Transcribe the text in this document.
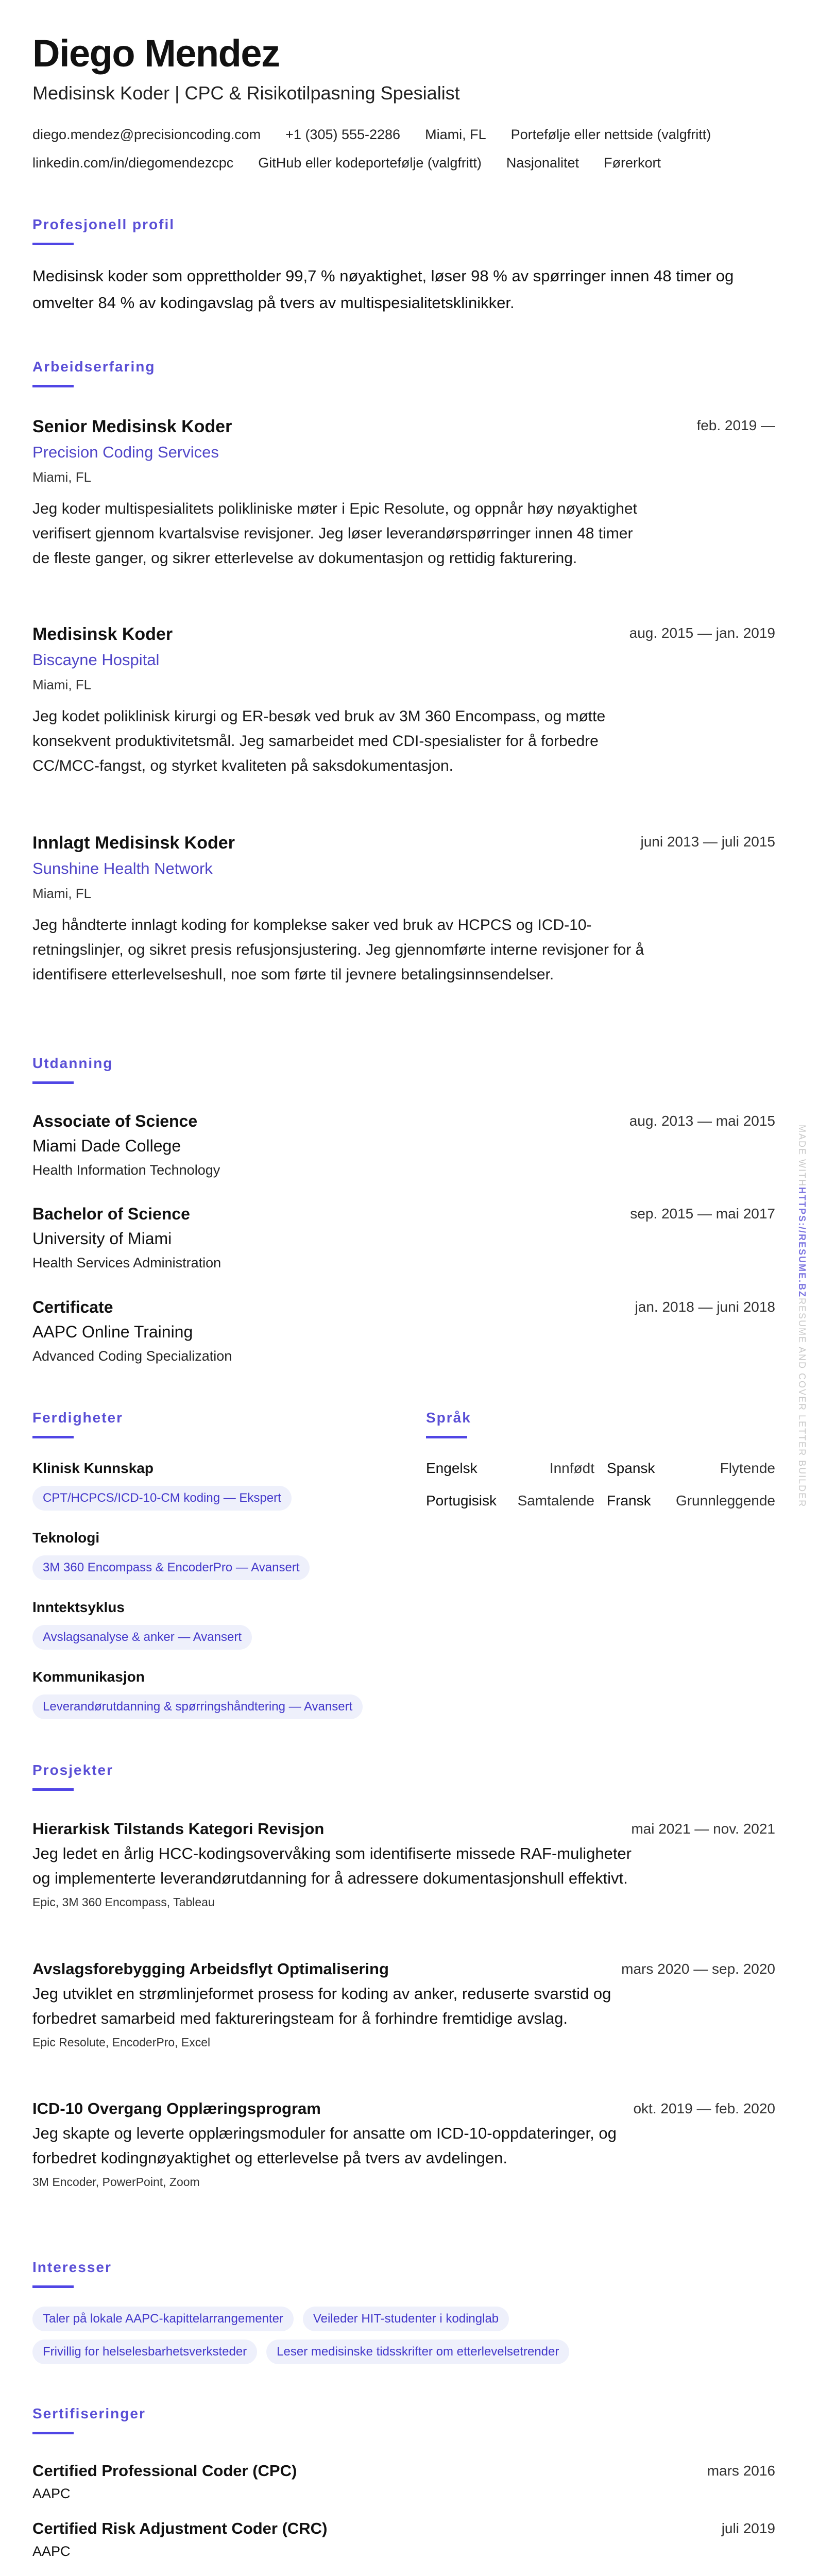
Diego Mendez
Medisinsk Koder | CPC & Risikotilpasning Spesialist
diego.mendez@precisioncoding.com +1 (305) 555-2286 Miami, FL Portefølje eller nettside (valgfritt)
linkedin.com/in/diegomendezcpc GitHub eller kodeportefølje (valgfritt) Nasjonalitet Førerkort
Profesjonell profil
Medisinsk koder som opprettholder 99,7 % nøyaktighet, løser 98 % av spørringer innen 48 timer og omvelter 84 % av kodingavslag på tvers av multispesialitetsklinikker.
Arbeidserfaring
feb. 2019 —
Senior Medisinsk Koder
Precision Coding Services
Miami, FL
Jeg koder multispesialitets polikliniske møter i Epic Resolute, og oppnår høy nøyaktighet verifisert gjennom kvartalsvise revisjoner. Jeg løser leverandørspørringer innen 48 timer de fleste ganger, og sikrer etterlevelse av dokumentasjon og rettidig fakturering.
aug. 2015 — jan. 2019
Medisinsk Koder
Biscayne Hospital
Miami, FL
Jeg kodet poliklinisk kirurgi og ER-besøk ved bruk av 3M 360 Encompass, og møtte konsekvent produktivitetsmål. Jeg samarbeidet med CDI-spesialister for å forbedre CC/MCC-fangst, og styrket kvaliteten på saksdokumentasjon.
juni 2013 — juli 2015
Innlagt Medisinsk Koder
Sunshine Health Network
Miami, FL
Jeg håndterte innlagt koding for komplekse saker ved bruk av HCPCS og ICD-10-retningslinjer, og sikret presis refusjonsjustering. Jeg gjennomførte interne revisjoner for å identifisere etterlevelseshull, noe som førte til jevnere betalingsinnsendelser.
Utdanning
aug. 2013 — mai 2015
Associate of Science
Miami Dade College
Health Information Technology
sep. 2015 — mai 2017
Bachelor of Science
University of Miami
Health Services Administration
jan. 2018 — juni 2018
Certificate
AAPC Online Training
Advanced Coding Specialization
Ferdigheter
Klinisk Kunnskap
CPT/HCPCS/ICD-10-CM koding — Ekspert
Teknologi
3M 360 Encompass & EncoderPro — Avansert
Inntektsyklus
Avslagsanalyse & anker — Avansert
Kommunikasjon
Leverandørutdanning & spørringshåndtering — Avansert
Språk
Engelsk	Innfødt Spansk	Flytende
Portugisisk Samtalende Fransk Grunnleggende
Prosjekter
mai 2021 — nov. 2021
Hierarkisk Tilstands Kategori Revisjon
Jeg ledet en årlig HCC-kodingsovervåking som identifiserte missede RAF-muligheter og implementerte leverandørutdanning for å adressere dokumentasjonshull effektivt.
Epic, 3M 360 Encompass, Tableau
mars 2020 — sep. 2020
Avslagsforebygging Arbeidsflyt Optimalisering
Jeg utviklet en strømlinjeformet prosess for koding av anker, reduserte svarstid og forbedret samarbeid med faktureringsteam for å forhindre fremtidige avslag.
Epic Resolute, EncoderPro, Excel
okt. 2019 — feb. 2020
ICD-10 Overgang Opplæringsprogram
Jeg skapte og leverte opplæringsmoduler for ansatte om ICD-10-oppdateringer, og forbedret kodingnøyaktighet og etterlevelse på tvers av avdelingen.
3M Encoder, PowerPoint, Zoom
Interesser
Taler på lokale AAPC-kapittelarrangementer	Veileder HIT-studenter i kodinglab
Frivillig for helselesbarhetsverksteder	Leser medisinske tidsskrifter om etterlevelsetrender
Sertifiseringer
mars 2016
Certified Professional Coder (CPC)
AAPC
juli 2019
Certified Risk Adjustment Coder (CRC)
AAPC
MADE WITHHTTPS://RESUME.BZRESUME AND COVER LETTER BUILDER
